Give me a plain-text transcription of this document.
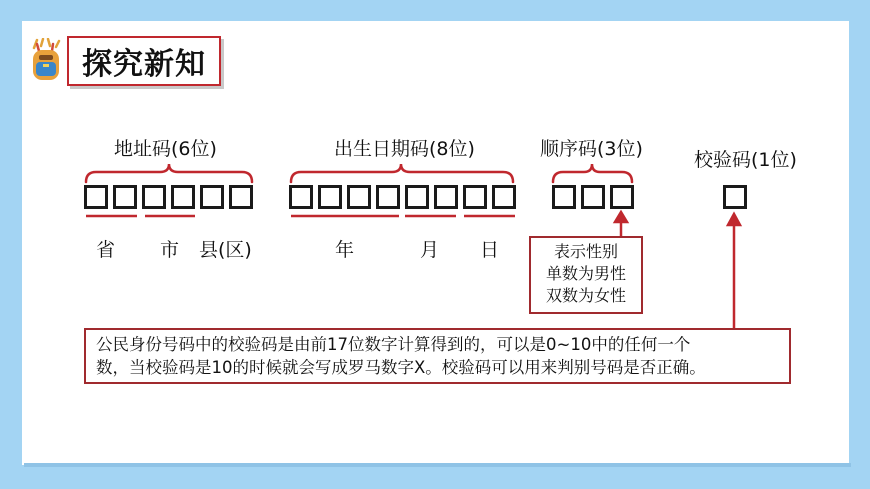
探究新知
地址码(6位)	出生日期码(8位)	顺序码(3位)	校验码(1位)
省 市 县(区)	年	月 日	表示性别
单数为男性
双数为女性
公民身份号码中的校验码是由前17位数字计算得到的，可以是0~10中的任何一个
数，当校验码是10的时候就会写成罗马数字X。校验码可以用来判别号码是否正确。
